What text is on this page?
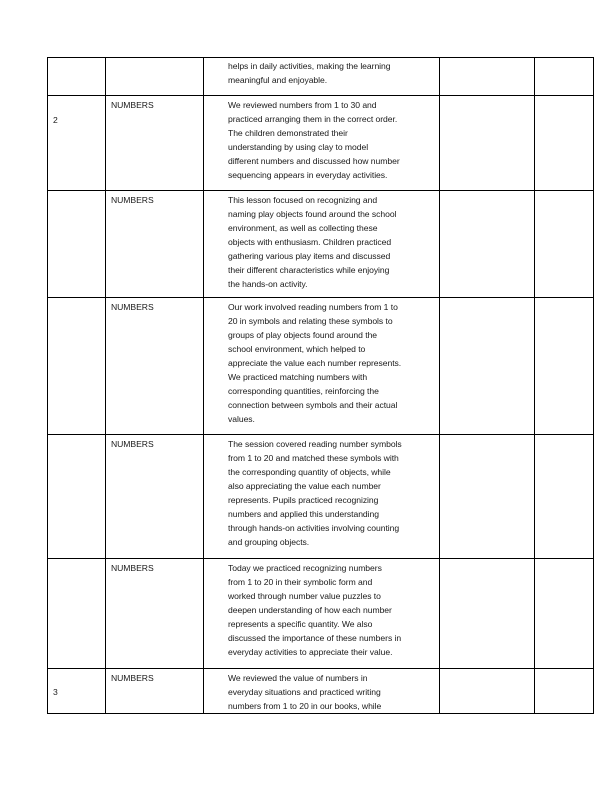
		helps in daily activities, making the learning
meaningful and enjoyable.		

2	NUMBERS	We reviewed numbers from 1 to 30 and
practiced arranging them in the correct order.
The children demonstrated their
understanding by using clay to model
different numbers and discussed how number
sequencing appears in everyday activities.

	NUMBERS	This lesson focused on recognizing and
naming play objects found around the school
environment, as well as collecting these
objects with enthusiasm. Children practiced
gathering various play items and discussed
their different characteristics while enjoying
the hands-on activity.

	NUMBERS	Our work involved reading numbers from 1 to
20 in symbols and relating these symbols to
groups of play objects found around the
school environment, which helped to
appreciate the value each number represents.
We practiced matching numbers with
corresponding quantities, reinforcing the
connection between symbols and their actual
values.

	NUMBERS	The session covered reading number symbols
from 1 to 20 and matched these symbols with
the corresponding quantity of objects, while
also appreciating the value each number
represents. Pupils practiced recognizing
numbers and applied this understanding
through hands-on activities involving counting
and grouping objects.

	NUMBERS	Today we practiced recognizing numbers
from 1 to 20 in their symbolic form and
worked through number value puzzles to
deepen understanding of how each number
represents a specific quantity. We also
discussed the importance of these numbers in
everyday activities to appreciate their value.

3	NUMBERS	We reviewed the value of numbers in
everyday situations and practiced writing
numbers from 1 to 20 in our books, while		
